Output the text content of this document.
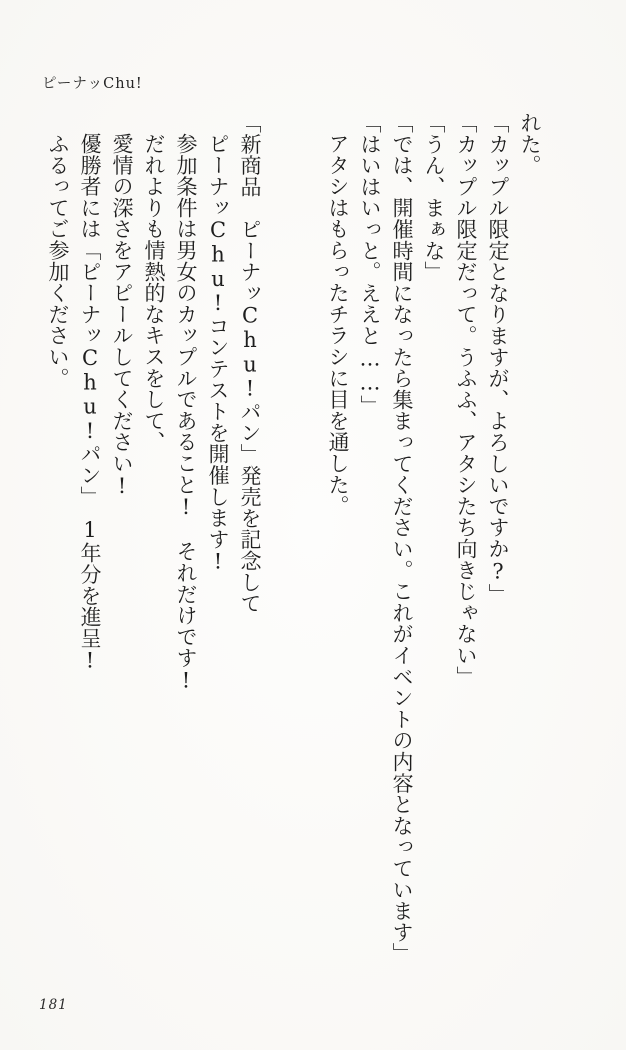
ピーナッChu!

れた。

「カップル限定となりますが、よろしいですか?」

「カップル限定だって。うふふ、アタシたち向きじゃない」

「うん、まぁな」

「では、開催時間になったら集まってください。これがイベントの内容となっています」

「はいはいっと。ええと……」

アタシはもらったチラシに目を通した。

「新商品　ピーナッChu!パン」発売を記念して

ピーナッChu!コンテストを開催します!

参加条件は男女のカップルであること!　それだけです!

だれよりも情熱的なキスをして、

愛情の深さをアピールしてください!

優勝者には「ピーナッChu!パン」　1年分を進呈!

ふるってご参加ください。

181
